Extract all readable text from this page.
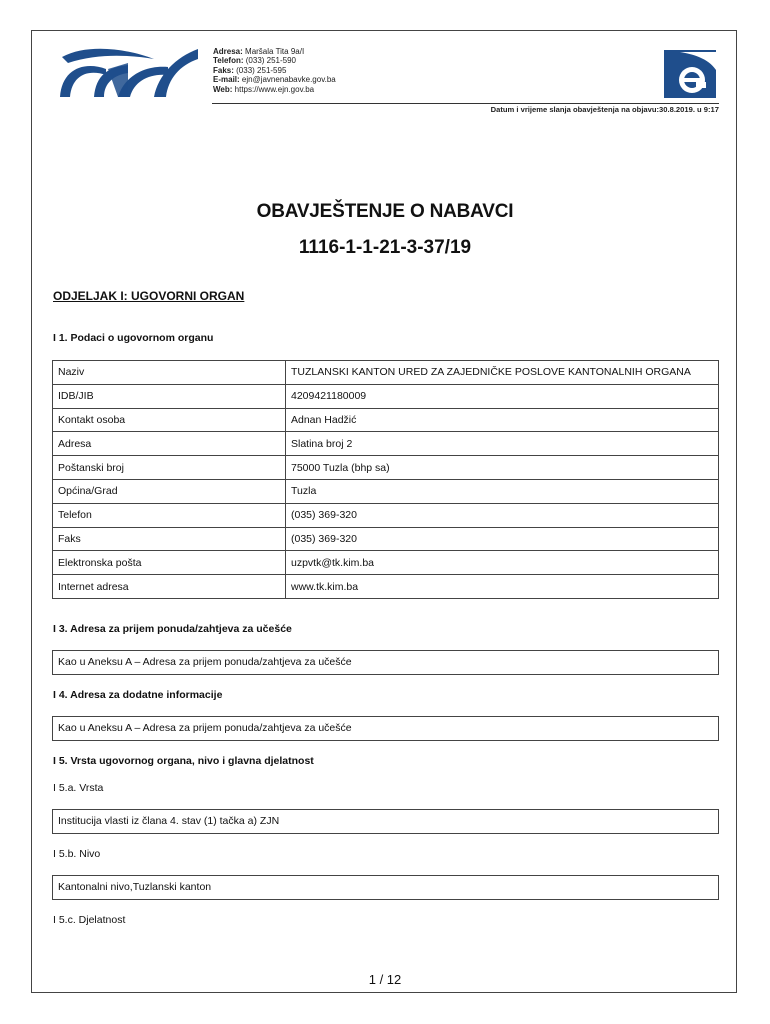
Adresa: Maršala Tita 9a/I
Telefon: (033) 251-590
Faks: (033) 251-595
E-mail: ejn@javnenabavke.gov.ba
Web: https://www.ejn.gov.ba
Datum i vrijeme slanja obavještenja na objavu:30.8.2019. u 9:17
OBAVJEŠTENJE O NABAVCI
1116-1-1-21-3-37/19
ODJELJAK I: UGOVORNI ORGAN
I 1. Podaci o ugovornom organu
Naziv	TUZLANSKI KANTON URED ZA ZAJEDNIČKE POSLOVE KANTONALNIH ORGANA
IDB/JIB	4209421180009
Kontakt osoba	Adnan Hadžić
Adresa	Slatina broj 2
Poštanski broj	75000 Tuzla (bhp sa)
Općina/Grad	Tuzla
Telefon	(035) 369-320
Faks	(035) 369-320
Elektronska pošta	uzpvtk@tk.kim.ba
Internet adresa	www.tk.kim.ba
I 3. Adresa za prijem ponuda/zahtjeva za učešće
Kao u Aneksu A – Adresa za prijem ponuda/zahtjeva za učešće
I 4. Adresa za dodatne informacije
Kao u Aneksu A – Adresa za prijem ponuda/zahtjeva za učešće
I 5. Vrsta ugovornog organa, nivo i glavna djelatnost
I 5.a. Vrsta
Institucija vlasti iz člana 4. stav (1) tačka a) ZJN
I 5.b. Nivo
Kantonalni nivo,Tuzlanski kanton
I 5.c. Djelatnost
1 / 12
